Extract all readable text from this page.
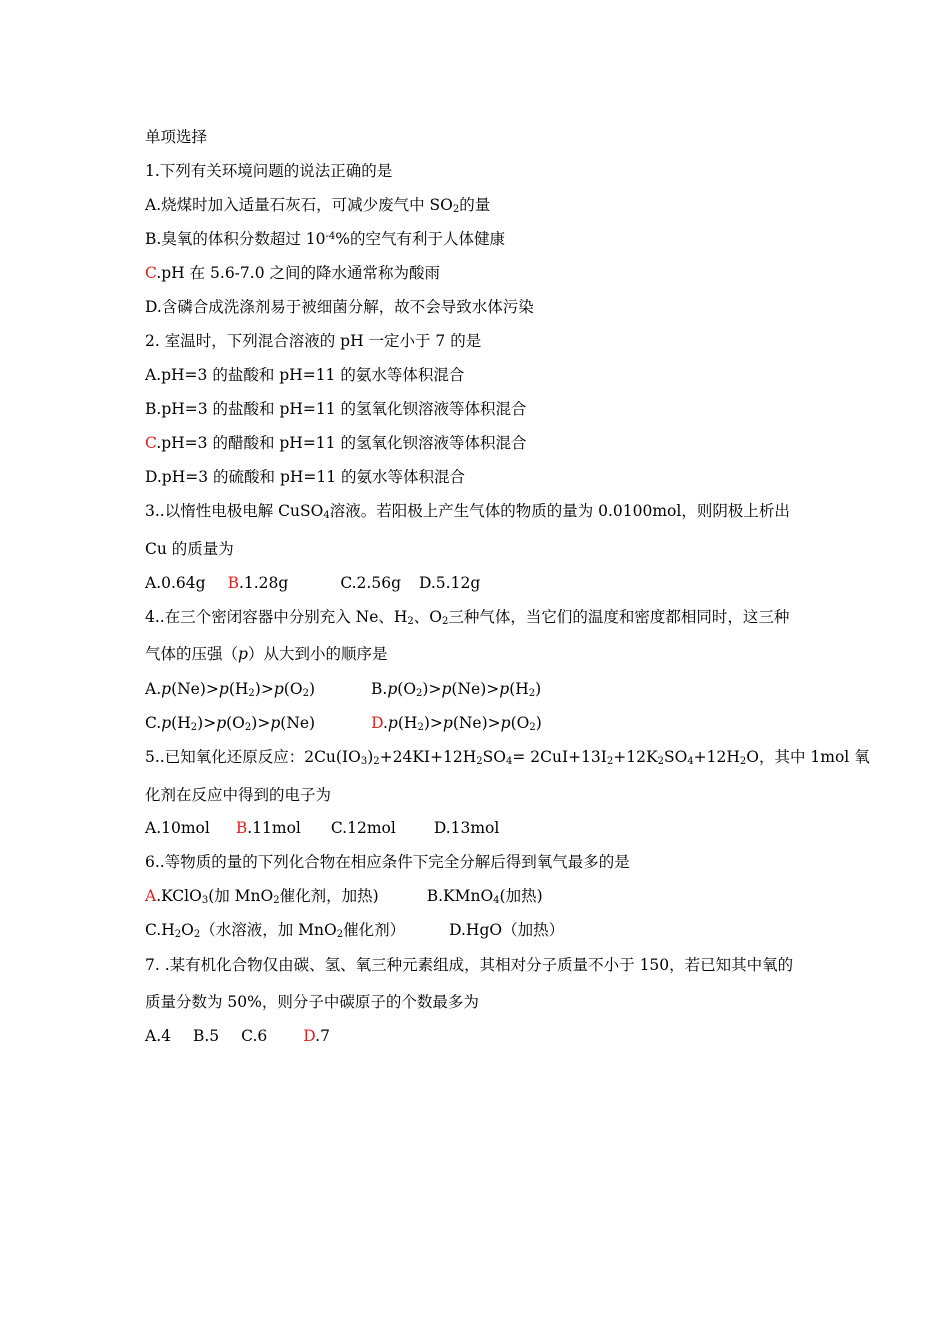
单项选择
1.下列有关环境问题的说法正确的是
A.烧煤时加入适量石灰石，可减少废气中 $SO_2$的量
B.臭氧的体积分数超过 $10^{-4}\%$的空气有利于人体健康
C.pH 在 5.6-7.0 之间的降水通常称为酸雨
D.含磷合成洗涤剂易于被细菌分解，故不会导致水体污染
2. 室温时，下列混合溶液的 pH 一定小于 7 的是
A.pH=3 的盐酸和 pH=11 的氨水等体积混合
B.pH=3 的盐酸和 pH=11 的氢氧化钡溶液等体积混合
C.pH=3 的醋酸和 pH=11 的氢氧化钡溶液等体积混合
D.pH=3 的硫酸和 pH=11 的氨水等体积混合
3..以惰性电极电解 CuSO$_4$溶液。若阳极上产生气体的物质的量为 0.0100mol，则阴极上析出
Cu 的质量为
A.0.64g B.1.28g	C.2.56g D.5.12g
4..在三个密闭容器中分别充入 Ne、$H_2$、$O_2$三种气体，当它们的温度和密度都相同时，这三种
气体的压强（p）从大到小的顺序是
$A.p(Ne)>p(H_2)>p(O_2)$	$B.p(O_2)>p(Ne)>p(H_2)$
$C.p(H_2)>p(O_2)>p(Ne)$	$D.p(H_2)>p(Ne)>p(O_2)$
5..已知氧化还原反应：$2Cu(IO_3)_2+24KI+12H_2SO_4= 2CuI+13I_2+12K_2SO_4+12H_2O$，其中 1mol 氧
化剂在反应中得到的电子为
A.10mol B.11mol C.12mol D.13mol
6..等物质的量的下列化合物在相应条件下完全分解后得到氧气最多的是
A.KClO$_3$(加 MnO$_2$催化剂，加热)	B.KMnO$_4$(加热)
$C.H_2O_2$（水溶液，加 MnO$_2$催化剂）	D.HgO（加热）
7. .某有机化合物仅由碳、氢、氧三种元素组成，其相对分子质量不小于 150，若已知其中氧的
质量分数为 50%，则分子中碳原子的个数最多为
A.4 B.5 C.6 D.7
